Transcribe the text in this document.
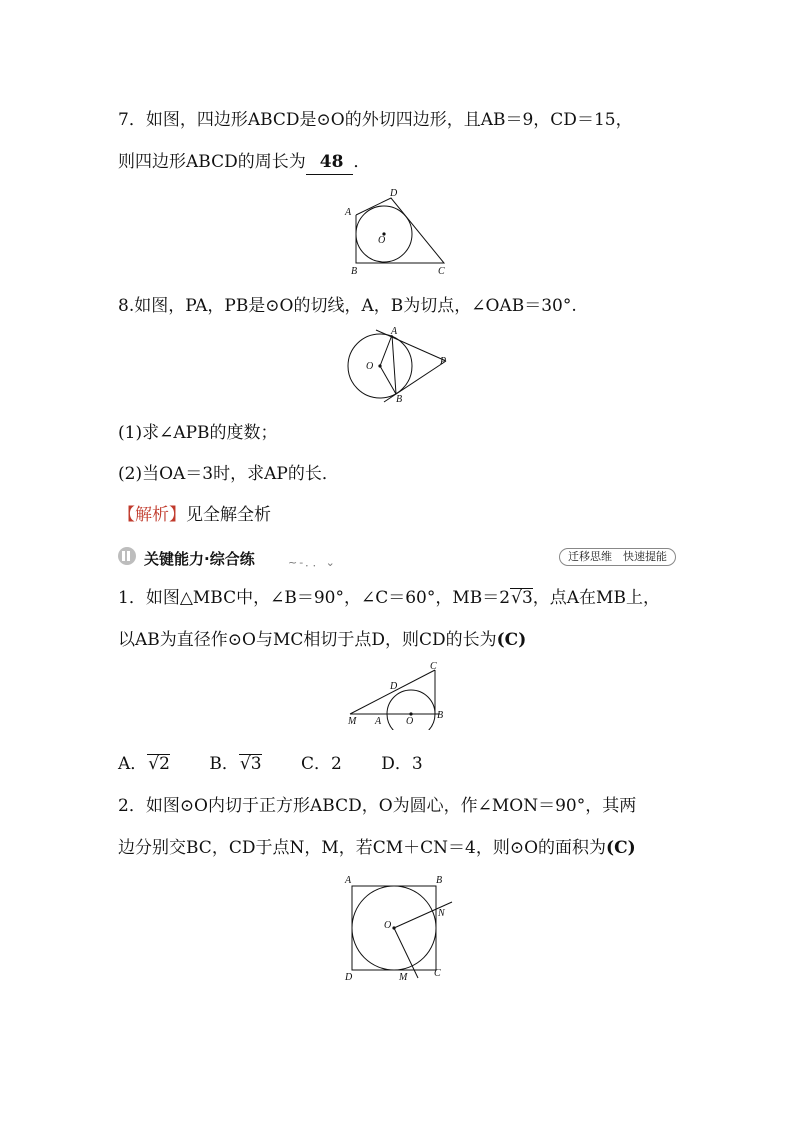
7．如图，四边形ABCD是⊙O的外切四边形，且AB＝9，CD＝15，
则四边形ABCD的周长为 48 ．
A
D
O
B	C
8.如图，PA，PB是⊙O的切线，A，B为切点，∠OAB＝30°.
A
O	P
B
(1)求∠APB的度数；
(2)当OA＝3时，求AP的长．
【解析】见全解全析
关键能力·综合练	~-．．⌄	迁移思维　快速提能
1．如图△MBC中，∠B＝90°，∠C＝60°，MB＝2√3，点A在MB上，
以AB为直径作⊙O与MC相切于点D，则CD的长为(C)
C
D
M A O
B
A．√2 B．√3 C．2 D．3
2．如图⊙O内切于正方形ABCD，O为圆心，作∠MON＝90°，其两
边分别交BC，CD于点N，M，若CM＋CN＝4，则⊙O的面积为(C)
A	B
O
N
D	M	C
